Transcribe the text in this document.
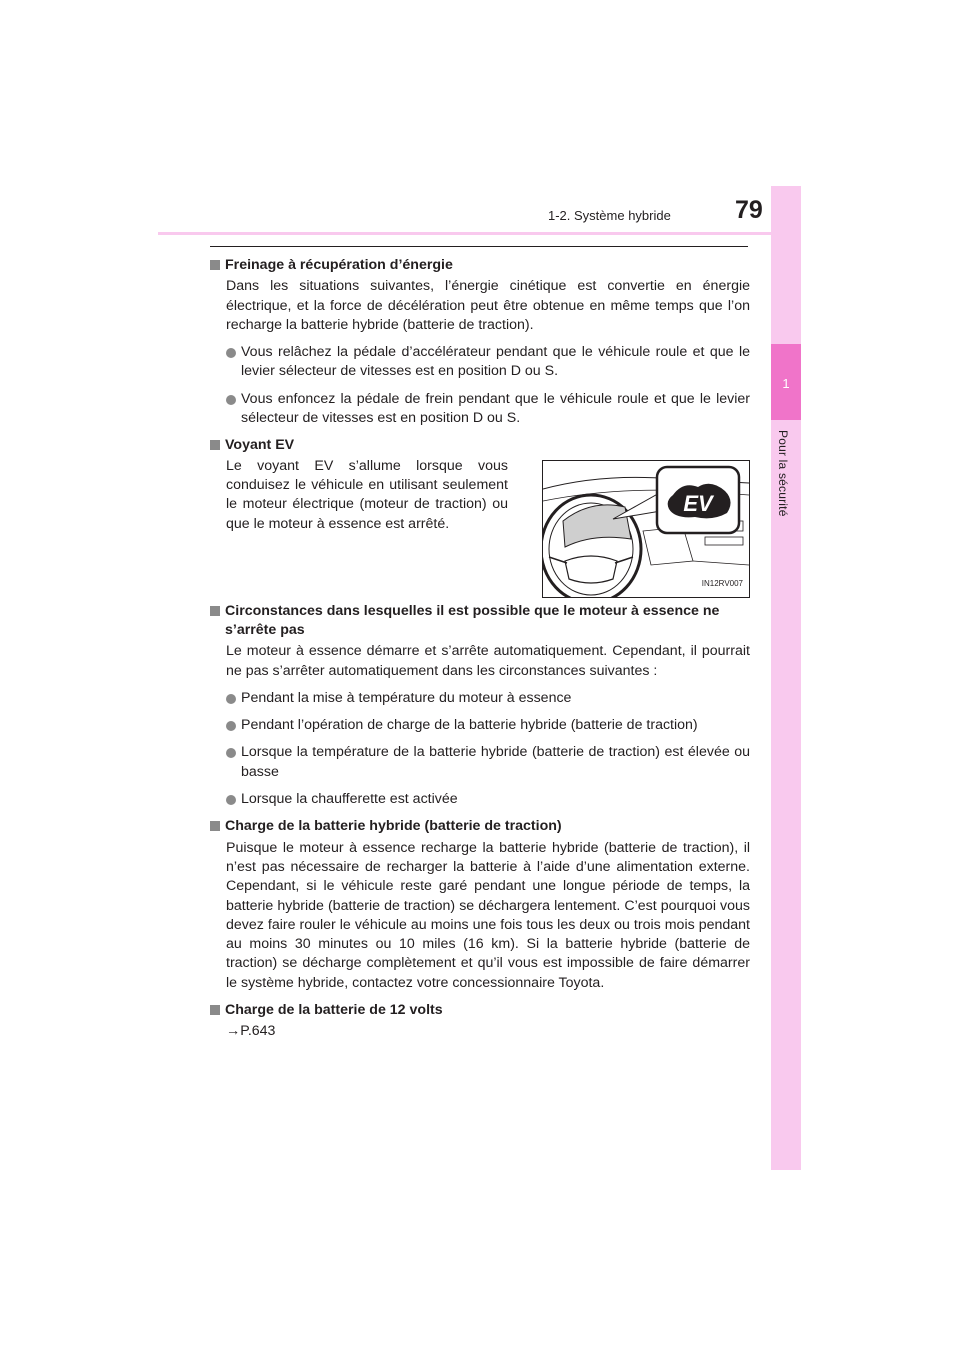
1
Pour la sécurité
1-2. Système hybride	79
Freinage à récupération d’énergie
Dans les situations suivantes, l’énergie cinétique est convertie en énergie électrique, et la force de décélération peut être obtenue en même temps que l’on recharge la batterie hybride (batterie de traction).
Vous relâchez la pédale d’accélérateur pendant que le véhicule roule et que le levier sélecteur de vitesses est en position D ou S.
Vous enfoncez la pédale de frein pendant que le véhicule roule et que le levier sélecteur de vitesses est en position D ou S.
Voyant EV
Le voyant EV s’allume lorsque vous conduisez le véhicule en utilisant seulement le moteur électrique (moteur de traction) ou que le moteur à essence est arrêté.
EV
IN12RV007
Circonstances dans lesquelles il est possible que le moteur à essence ne s’arrête pas
Le moteur à essence démarre et s’arrête automatiquement. Cependant, il pourrait ne pas s’arrêter automatiquement dans les circonstances suivantes :
Pendant la mise à température du moteur à essence
Pendant l’opération de charge de la batterie hybride (batterie de traction)
Lorsque la température de la batterie hybride (batterie de traction) est élevée ou basse
Lorsque la chaufferette est activée
Charge de la batterie hybride (batterie de traction)
Puisque le moteur à essence recharge la batterie hybride (batterie de traction), il n’est pas nécessaire de recharger la batterie à l’aide d’une alimentation externe. Cependant, si le véhicule reste garé pendant une longue période de temps, la batterie hybride (batterie de traction) se déchargera lentement. C’est pourquoi vous devez faire rouler le véhicule au moins une fois tous les deux ou trois mois pendant au moins 30 minutes ou 10 miles (16 km). Si la batterie hybride (batterie de traction) se décharge complètement et qu’il vous est impossible de faire démarrer le système hybride, contactez votre concessionnaire Toyota.
Charge de la batterie de 12 volts
→P.643
